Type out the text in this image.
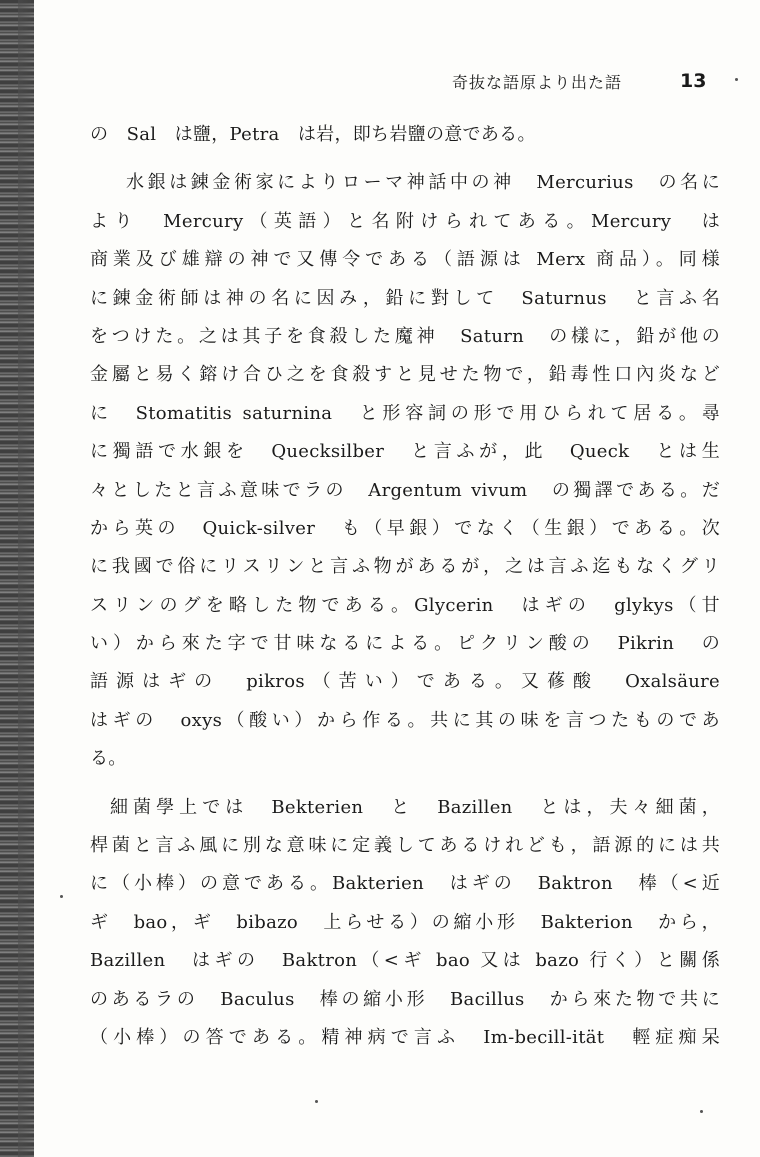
奇抜な語原より出た語	13
の　Sal　は鹽，Petra　は岩，即ち岩鹽の意である。
水銀は錬金術家によりローマ神話中の神　Mercurius　の名に
より　Mercury（英語）と名附けられてある。Mercury　は
商業及び雄辯の神で又傳令である（語源は Merx 商品）。同様
に錬金術師は神の名に因み，鉛に對して　Saturnus　と言ふ名
をつけた。之は其子を食殺した魔神　Saturn　の樣に，鉛が他の
金屬と易く鎔け合ひ之を食殺すと見せた物で，鉛毒性口內炎など
に　Stomatitis saturnina　と形容詞の形で用ひられて居る。尋
に獨語で水銀を　Quecksilber　と言ふが，此　Queck　とは生
々としたと言ふ意味でラの　Argentum vivum　の獨譯である。だ
から英の　Quick-silver　も（早銀）でなく（生銀）である。次
に我國で俗にリスリンと言ふ物があるが，之は言ふ迄もなくグリ
スリンのグを略した物である。Glycerin　はギの　glykys（甘
い）から來た字で甘味なるによる。ピクリン酸の　Pikrin　の
語源はギの　pikros（苦い）である。又蓚酸　Oxalsäure
はギの　oxys（酸い）から作る。共に其の味を言つたものであ
る。
細菌學上では　Bekterien　と　Bazillen　とは，夫々細菌，
桿菌と言ふ風に別な意味に定義してあるけれども，語源的には共
に（小棒）の意である。Bakterien　はギの　Baktron　棒（<近
ギ　bao，ギ　bibazo　上らせる）の縮小形　Bakterion　から，
Bazillen　はギの　Baktron（<ギ bao 又は bazo 行く）と關係
のあるラの　Baculus　棒の縮小形　Bacillus　から來た物で共に
（小棒）の答である。精神病で言ふ　Im-becill-ität　輕症痴呆
